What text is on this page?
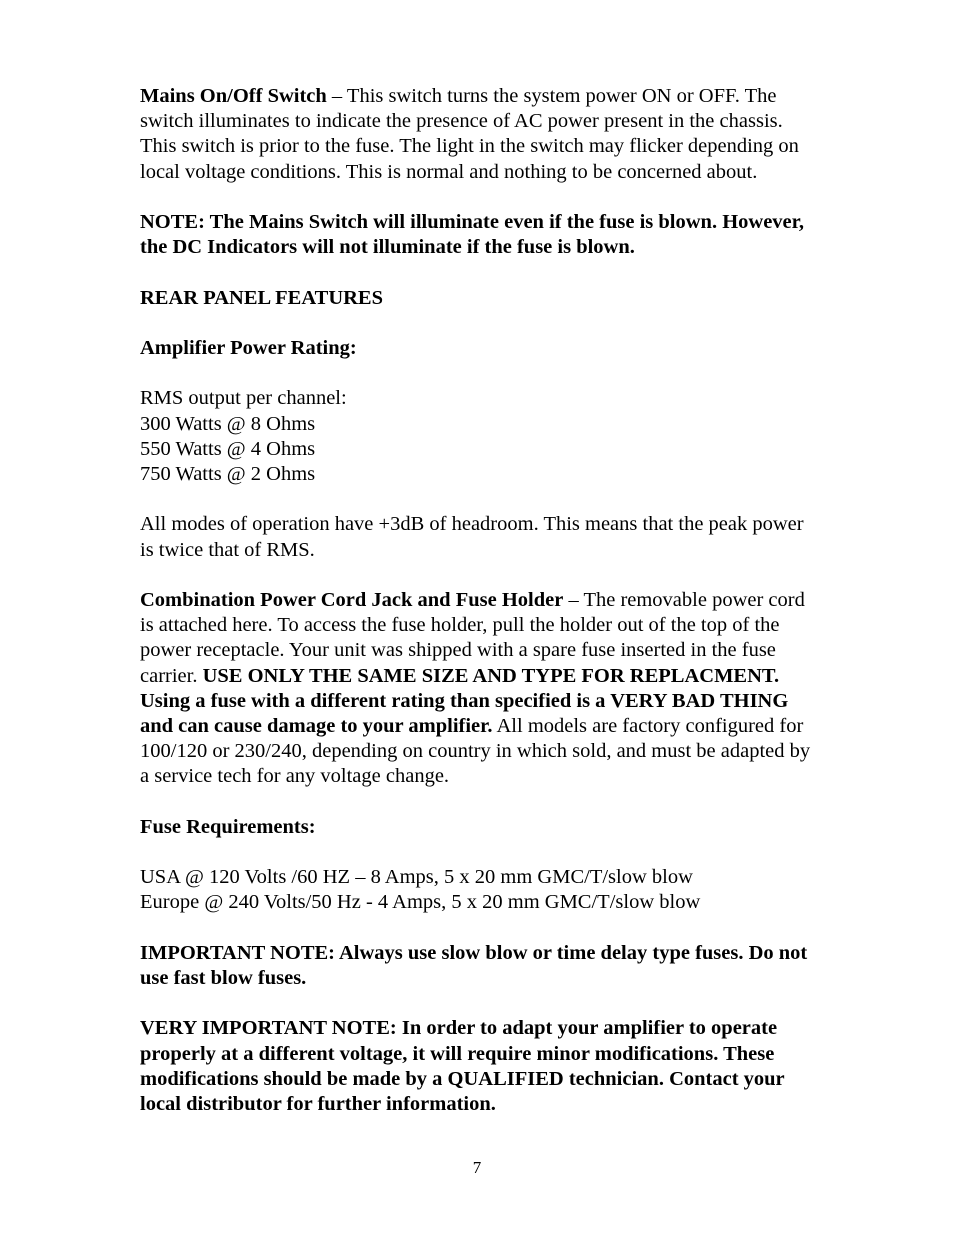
Mains On/Off Switch – This switch turns the system power ON or OFF. The switch illuminates to indicate the presence of AC power present in the chassis. This switch is prior to the fuse. The light in the switch may flicker depending on local voltage conditions. This is normal and nothing to be concerned about.

NOTE: The Mains Switch will illuminate even if the fuse is blown. However, the DC Indicators will not illuminate if the fuse is blown.

REAR PANEL FEATURES

Amplifier Power Rating:

RMS output per channel:
300 Watts @ 8 Ohms
550 Watts @ 4 Ohms
750 Watts @ 2 Ohms

All modes of operation have +3dB of headroom. This means that the peak power is twice that of RMS.

Combination Power Cord Jack and Fuse Holder – The removable power cord is attached here. To access the fuse holder, pull the holder out of the top of the power receptacle. Your unit was shipped with a spare fuse inserted in the fuse carrier. USE ONLY THE SAME SIZE AND TYPE FOR REPLACMENT. Using a fuse with a different rating than specified is a VERY BAD THING and can cause damage to your amplifier. All models are factory configured for 100/120 or 230/240, depending on country in which sold, and must be adapted by a service tech for any voltage change.

Fuse Requirements:

USA @ 120 Volts /60 HZ – 8 Amps, 5 x 20 mm GMC/T/slow blow
Europe @ 240 Volts/50 Hz - 4 Amps, 5 x 20 mm GMC/T/slow blow

IMPORTANT NOTE: Always use slow blow or time delay type fuses. Do not use fast blow fuses.

VERY IMPORTANT NOTE: In order to adapt your amplifier to operate properly at a different voltage, it will require minor modifications. These modifications should be made by a QUALIFIED technician. Contact your local distributor for further information.

7
